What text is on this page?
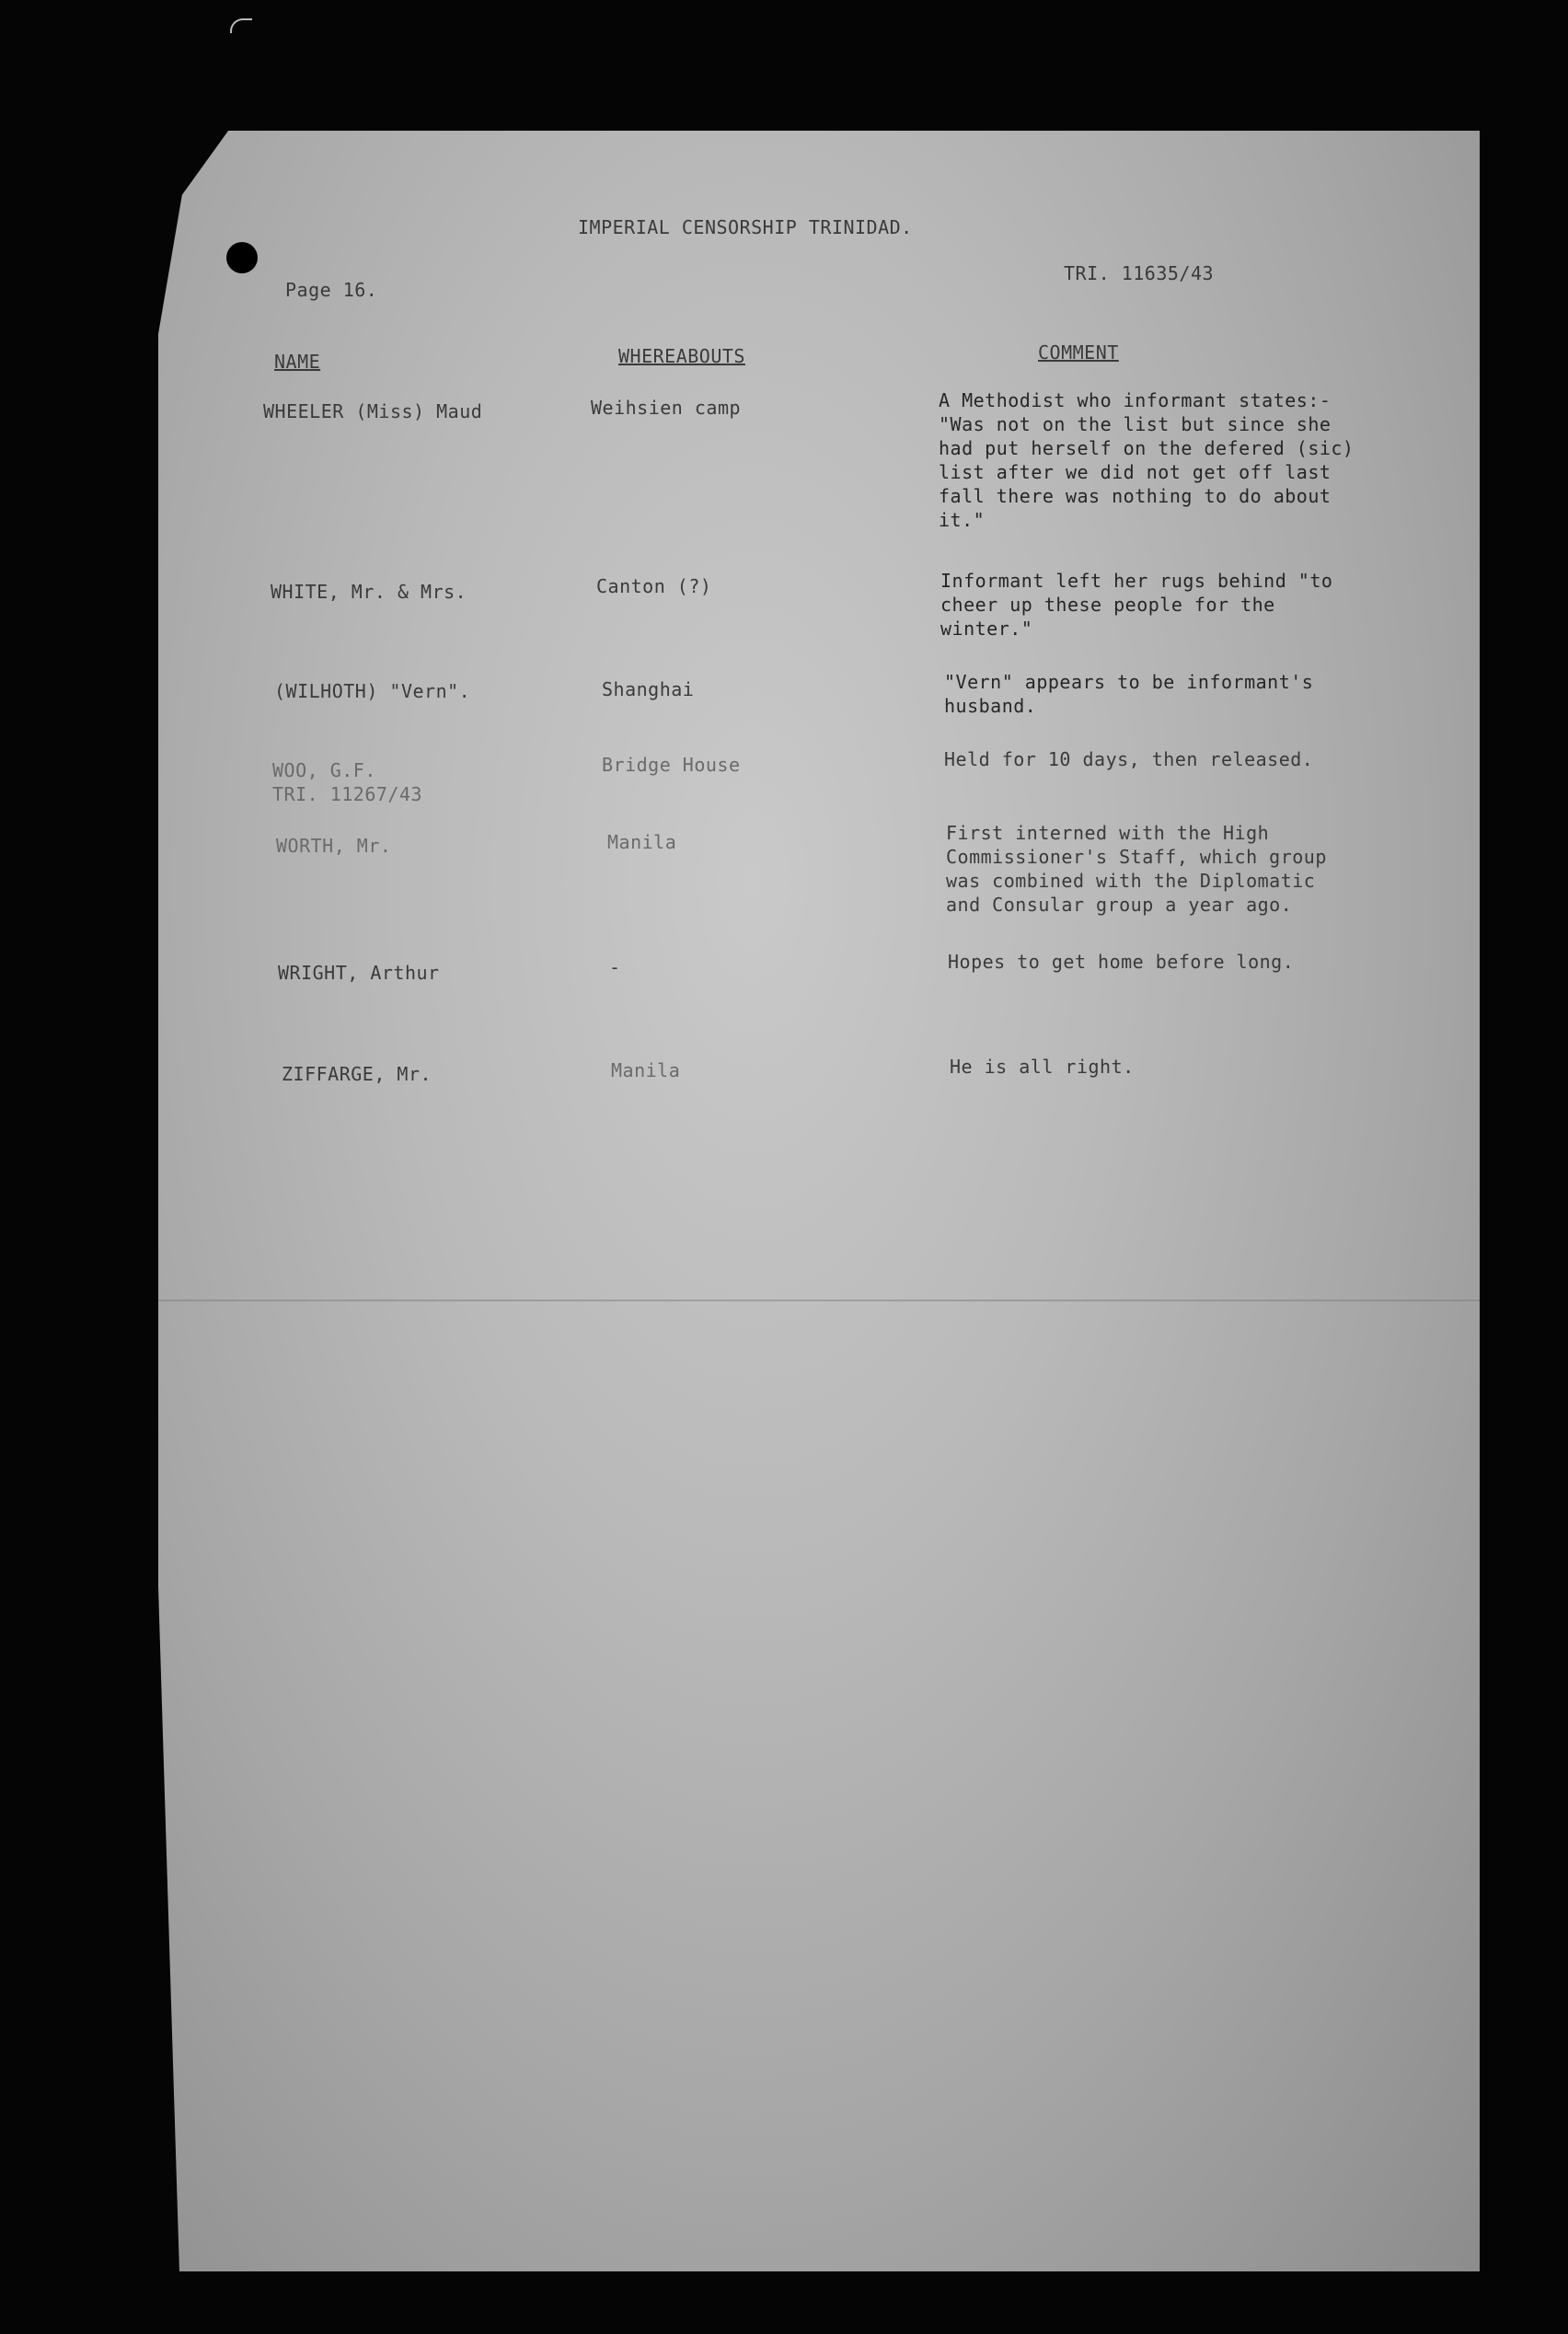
IMPERIAL CENSORSHIP TRINIDAD.
Page 16.
TRI. 11635/43
NAME	WHEREABOUTS	COMMENT
WHEELER (Miss) Maud	Weihsien camp	A Methodist who informant states:-
"Was not on the list but since she
had put herself on the defered (sic)
list after we did not get off last
fall there was nothing to do about
it."
WHITE, Mr. & Mrs.	Canton (?)	Informant left her rugs behind "to
cheer up these people for the
winter."
(WILHOTH) "Vern".	Shanghai	"Vern" appears to be informant's
husband.
WOO, G.F.
TRI. 11267/43
Bridge House	Held for 10 days, then released.
WORTH, Mr.	Manila	First interned with the High
Commissioner's Staff, which group
was combined with the Diplomatic
and Consular group a year ago.
WRIGHT, Arthur	-	Hopes to get home before long.
ZIFFARGE, Mr.	Manila	He is all right.
